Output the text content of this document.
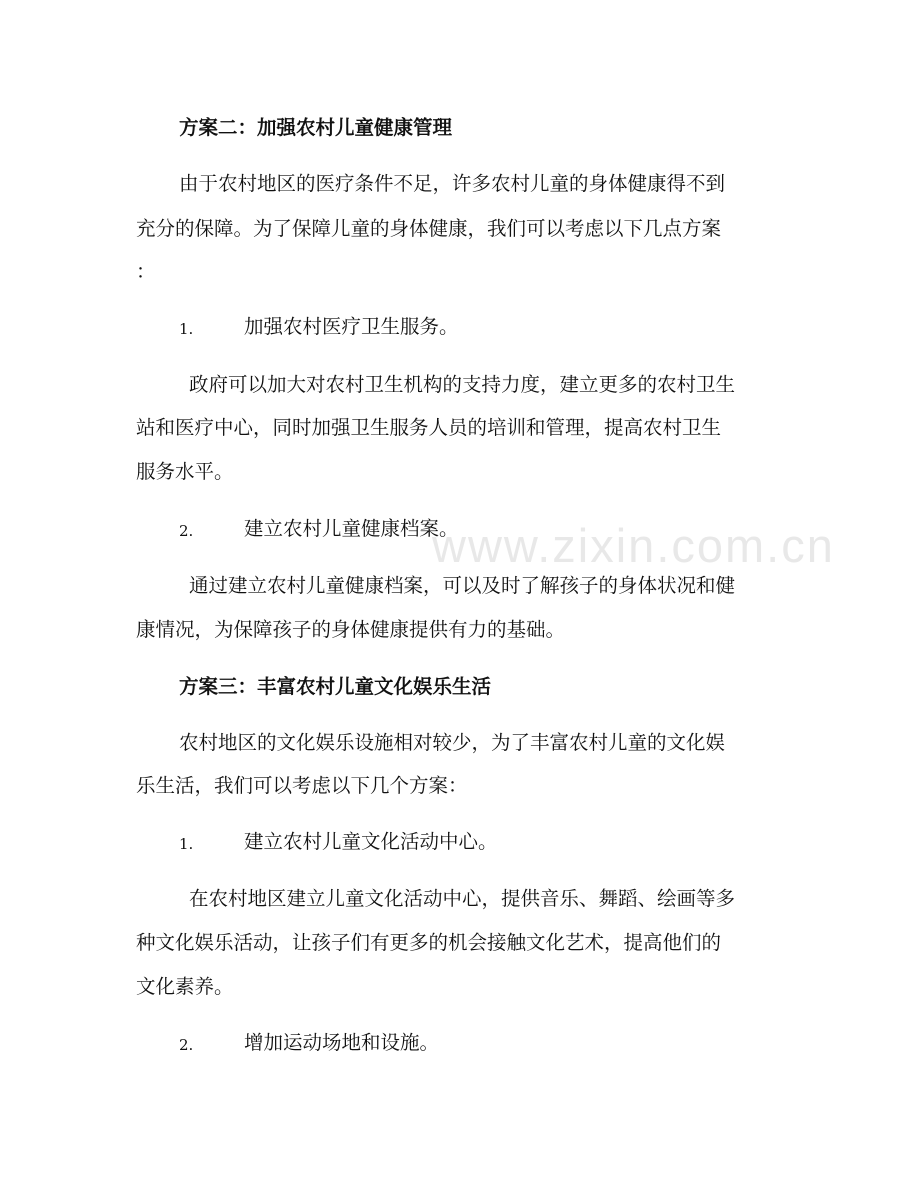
www.zixin.com.cn

方案二：加强农村儿童健康管理

由于农村地区的医疗条件不足，许多农村儿童的身体健康得不到

充分的保障。为了保障儿童的身体健康，我们可以考虑以下几点方案

：

1.	加强农村医疗卫生服务。

政府可以加大对农村卫生机构的支持力度，建立更多的农村卫生

站和医疗中心，同时加强卫生服务人员的培训和管理，提高农村卫生

服务水平。

2.	建立农村儿童健康档案。

通过建立农村儿童健康档案，可以及时了解孩子的身体状况和健

康情况，为保障孩子的身体健康提供有力的基础。

方案三：丰富农村儿童文化娱乐生活

农村地区的文化娱乐设施相对较少，为了丰富农村儿童的文化娱

乐生活，我们可以考虑以下几个方案：

1.	建立农村儿童文化活动中心。

在农村地区建立儿童文化活动中心，提供音乐、舞蹈、绘画等多

种文化娱乐活动，让孩子们有更多的机会接触文化艺术，提高他们的

文化素养。

2.	增加运动场地和设施。
